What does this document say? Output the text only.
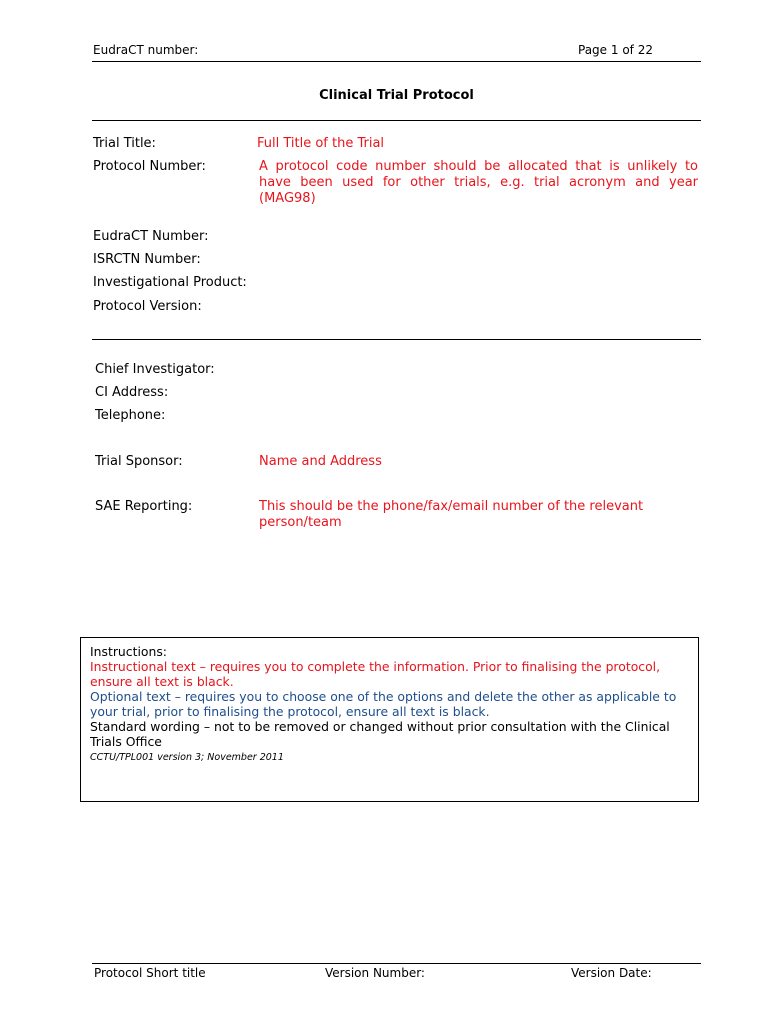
EudraCT number:	Page 1 of 22
Clinical Trial Protocol
Trial Title:	Full Title of the Trial
Protocol Number:	A protocol code number should be allocated that is unlikely to have been used for other trials, e.g. trial acronym and year (MAG98)
EudraCT Number:
ISRCTN Number:
Investigational Product:
Protocol Version:
Chief Investigator:
CI Address:
Telephone:
Trial Sponsor:	Name and Address
SAE Reporting:	This should be the phone/fax/email number of the relevant person/team

Instructions:

Instructional text – requires you to complete the information. Prior to finalising the protocol, ensure all text is black.

Optional text – requires you to choose one of the options and delete the other as applicable to your trial, prior to finalising the protocol, ensure all text is black.

Standard wording – not to be removed or changed without prior consultation with the Clinical Trials Office

CCTU/TPL001 version 3; November 2011

Protocol Short title	Version Number:	Version Date:
